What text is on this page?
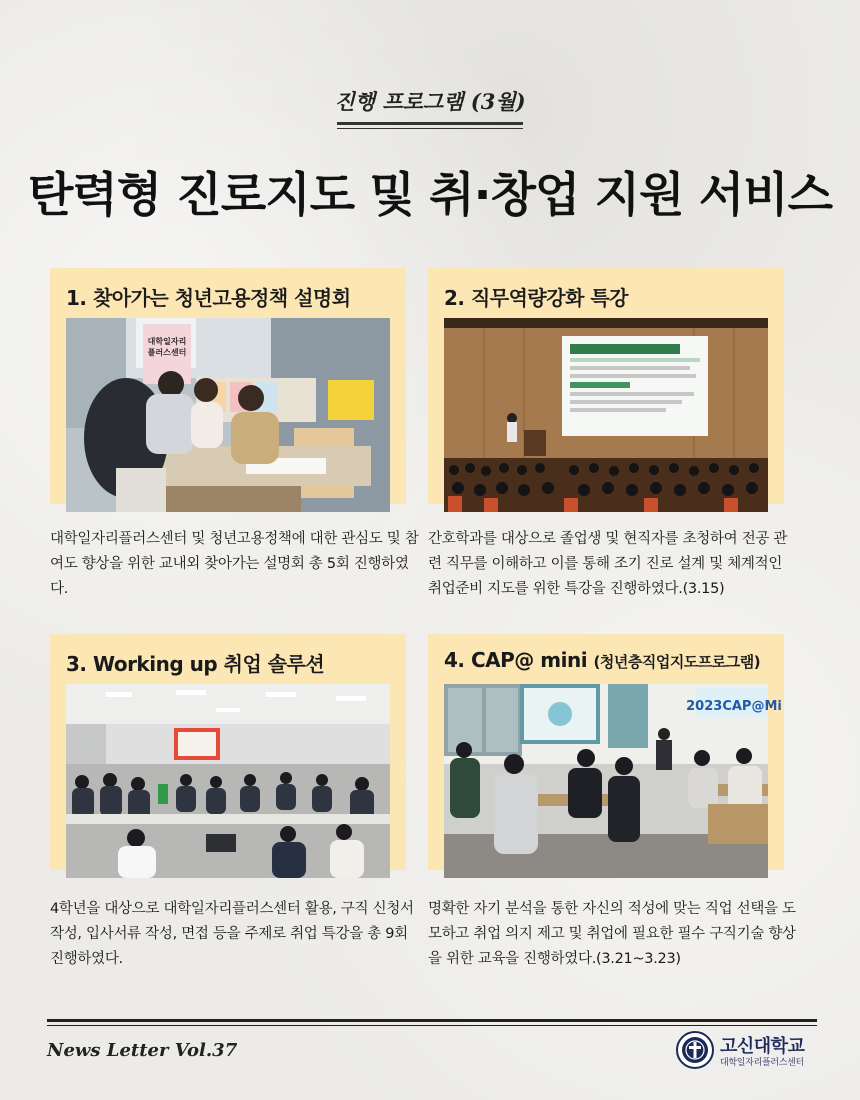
진행 프로그램 (3월)
탄력형 진로지도 및 취·창업 지원 서비스
1. 찾아가는 청년고용정책 설명회
대학일자리
플러스센터
대학일자리플러스센터 및 청년고용정책에 대한 관심도 및 참여도 향상을 위한 교내외 찾아가는 설명회 총 5회 진행하였다.
2. 직무역량강화 특강
간호학과를 대상으로 졸업생 및 현직자를 초청하여 전공 관련 직무를 이해하고 이를 통해 조기 진로 설계 및 체계적인 취업준비 지도를 위한 특강을 진행하였다.(3.15)
3. Working up 취업 솔루션
4학년을 대상으로 대학일자리플러스센터 활용, 구직 신청서 작성, 입사서류 작성, 면접 등을 주제로 취업 특강을 총 9회 진행하였다.
4. CAP@ mini (청년층직업지도프로그램)
2023CAP@Mi
명확한 자기 분석을 통한 자신의 적성에 맞는 직업 선택을 도모하고 취업 의지 제고 및 취업에 필요한 필수 구직기술 향상을 위한 교육을 진행하였다.(3.21~3.23)
News Letter Vol.37	고신대학교
대학일자리플러스센터
